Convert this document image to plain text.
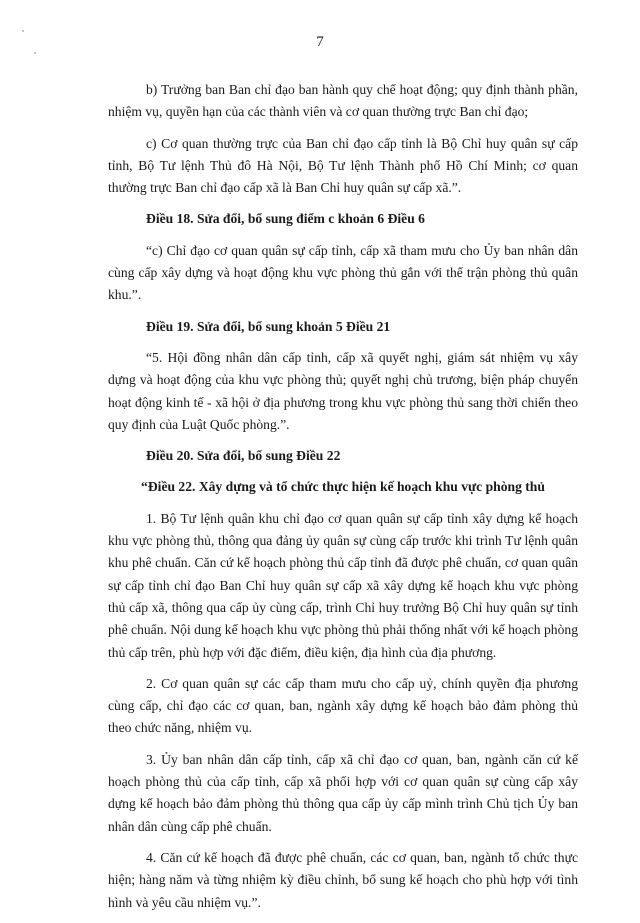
7

b) Trưởng ban Ban chỉ đạo ban hành quy chế hoạt động; quy định thành phần, nhiệm vụ, quyền hạn của các thành viên và cơ quan thường trực Ban chỉ đạo;

c) Cơ quan thường trực của Ban chỉ đạo cấp tỉnh là Bộ Chỉ huy quân sự cấp tỉnh, Bộ Tư lệnh Thủ đô Hà Nội, Bộ Tư lệnh Thành phố Hồ Chí Minh; cơ quan thường trực Ban chỉ đạo cấp xã là Ban Chỉ huy quân sự cấp xã.”.

Điều 18. Sửa đổi, bổ sung điểm c khoản 6 Điều 6

“c) Chỉ đạo cơ quan quân sự cấp tỉnh, cấp xã tham mưu cho Ủy ban nhân dân cùng cấp xây dựng và hoạt động khu vực phòng thủ gắn với thế trận phòng thủ quân khu.”.

Điều 19. Sửa đổi, bổ sung khoản 5 Điều 21

“5. Hội đồng nhân dân cấp tỉnh, cấp xã quyết nghị, giám sát nhiệm vụ xây dựng và hoạt động của khu vực phòng thủ; quyết nghị chủ trương, biện pháp chuyển hoạt động kinh tế - xã hội ở địa phương trong khu vực phòng thủ sang thời chiến theo quy định của Luật Quốc phòng.”.

Điều 20. Sửa đổi, bổ sung Điều 22

“Điều 22. Xây dựng và tổ chức thực hiện kế hoạch khu vực phòng thủ

1. Bộ Tư lệnh quân khu chỉ đạo cơ quan quân sự cấp tỉnh xây dựng kế hoạch khu vực phòng thủ, thông qua đảng ủy quân sự cùng cấp trước khi trình Tư lệnh quân khu phê chuẩn. Căn cứ kế hoạch phòng thủ cấp tỉnh đã được phê chuẩn, cơ quan quân sự cấp tỉnh chỉ đạo Ban Chỉ huy quân sự cấp xã xây dựng kế hoạch khu vực phòng thủ cấp xã, thông qua cấp ủy cùng cấp, trình Chỉ huy trưởng Bộ Chỉ huy quân sự tỉnh phê chuẩn. Nội dung kế hoạch khu vực phòng thủ phải thống nhất với kế hoạch phòng thủ cấp trên, phù hợp với đặc điểm, điều kiện, địa hình của địa phương.

2. Cơ quan quân sự các cấp tham mưu cho cấp uỷ, chính quyền địa phương cùng cấp, chỉ đạo các cơ quan, ban, ngành xây dựng kế hoạch bảo đảm phòng thủ theo chức năng, nhiệm vụ.

3. Ủy ban nhân dân cấp tỉnh, cấp xã chỉ đạo cơ quan, ban, ngành căn cứ kế hoạch phòng thủ của cấp tỉnh, cấp xã phối hợp với cơ quan quân sự cùng cấp xây dựng kế hoạch bảo đảm phòng thủ thông qua cấp ủy cấp mình trình Chủ tịch Ủy ban nhân dân cùng cấp phê chuẩn.

4. Căn cứ kế hoạch đã được phê chuẩn, các cơ quan, ban, ngành tổ chức thực hiện; hàng năm và từng nhiệm kỳ điều chỉnh, bổ sung kế hoạch cho phù hợp với tình hình và yêu cầu nhiệm vụ.”.
